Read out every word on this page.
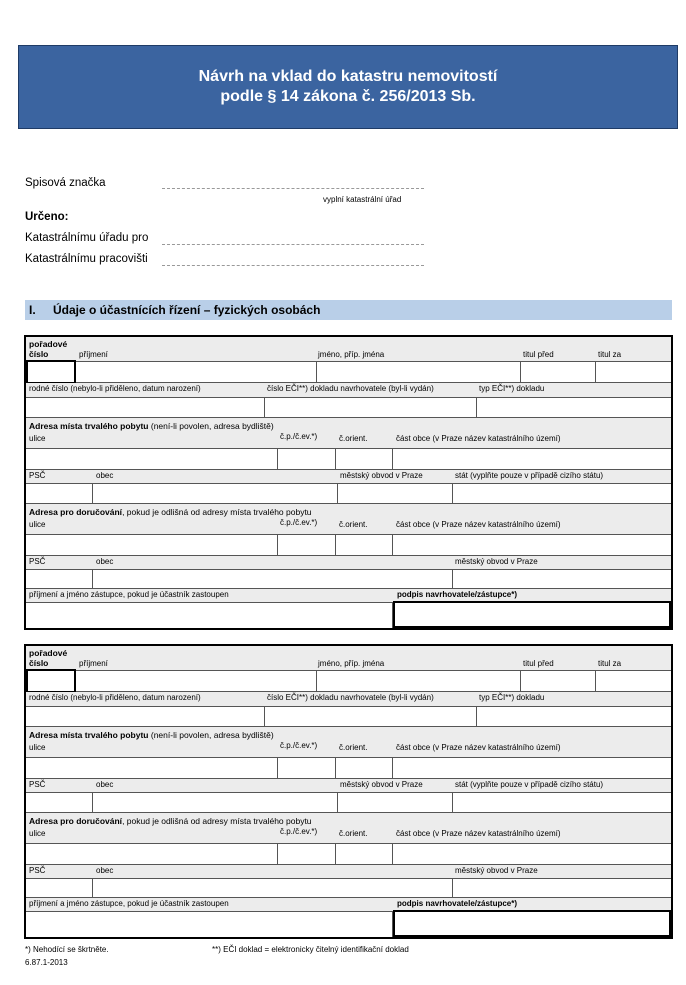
Návrh na vklad do katastru nemovitostí
podle § 14 zákona č. 256/2013 Sb.
Spisová značka
vyplní katastrální úřad
Určeno:
Katastrálnímu úřadu pro
Katastrálnímu pracovišti
I. Údaje o účastnících řízení – fyzických osobách
pořadové
číslo	příjmení	jméno, příp. jména	titul před	titul za
rodné číslo (nebylo-li přiděleno, datum narození)	číslo EČI**) dokladu navrhovatele (byl-li vydán)	typ EČI**) dokladu
Adresa místa trvalého pobytu (není-li povolen, adresa bydliště)
ulice	č.p./č.ev.*)	č.orient.	část obce (v Praze název katastrálního území)
PSČ	obec	městský obvod v Praze	stát (vyplňte pouze v případě cizího státu)
Adresa pro doručování, pokud je odlišná od adresy místa trvalého pobytu
ulice	č.p./č.ev.*)	č.orient.	část obce (v Praze název katastrálního území)
PSČ	obec	městský obvod v Praze
příjmení a jméno zástupce, pokud je účastník zastoupen	podpis navrhovatele/zástupce*)
pořadové
číslo	příjmení	jméno, příp. jména	titul před	titul za
rodné číslo (nebylo-li přiděleno, datum narození)	číslo EČI**) dokladu navrhovatele (byl-li vydán)	typ EČI**) dokladu
Adresa místa trvalého pobytu (není-li povolen, adresa bydliště)
ulice	č.p./č.ev.*)	č.orient.	část obce (v Praze název katastrálního území)
PSČ	obec	městský obvod v Praze	stát (vyplňte pouze v případě cizího státu)
Adresa pro doručování, pokud je odlišná od adresy místa trvalého pobytu
ulice	č.p./č.ev.*)	č.orient.	část obce (v Praze název katastrálního území)
PSČ	obec	městský obvod v Praze
příjmení a jméno zástupce, pokud je účastník zastoupen	podpis navrhovatele/zástupce*)
*) Nehodící se škrtněte.	**) EČI doklad = elektronicky čitelný identifikační doklad
6.87.1-2013
